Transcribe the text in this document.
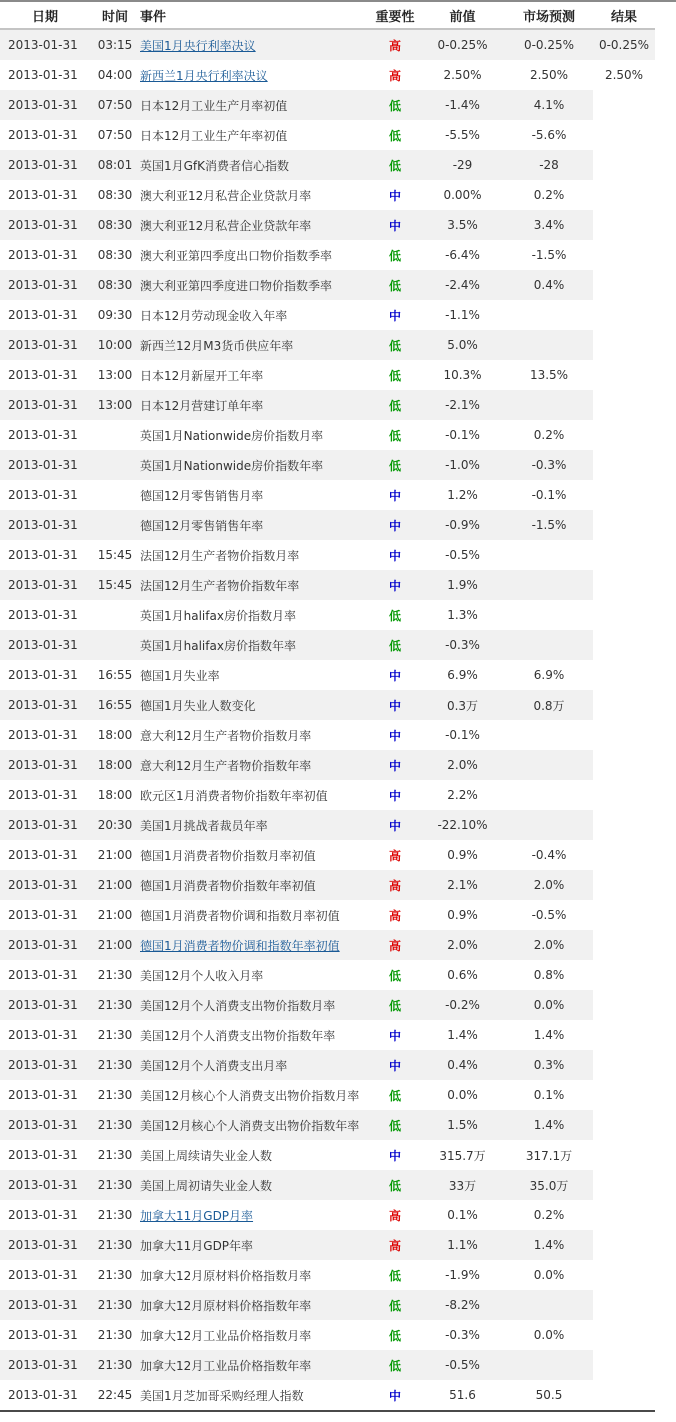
日期	时间	事件	重要性	前值	市场预测	结果
2013-01-31	03:15	美国1月央行利率决议	高	0-0.25%	0-0.25%	0-0.25%
2013-01-31	04:00	新西兰1月央行利率决议	高	2.50%	2.50%	2.50%
2013-01-31	07:50	日本12月工业生产月率初值	低	-1.4%	4.1%	
2013-01-31	07:50	日本12月工业生产年率初值	低	-5.5%	-5.6%	
2013-01-31	08:01	英国1月GfK消费者信心指数	低	-29	-28	
2013-01-31	08:30	澳大利亚12月私营企业贷款月率	中	0.00%	0.2%	
2013-01-31	08:30	澳大利亚12月私营企业贷款年率	中	3.5%	3.4%	
2013-01-31	08:30	澳大利亚第四季度出口物价指数季率	低	-6.4%	-1.5%	
2013-01-31	08:30	澳大利亚第四季度进口物价指数季率	低	-2.4%	0.4%	
2013-01-31	09:30	日本12月劳动现金收入年率	中	-1.1%		
2013-01-31	10:00	新西兰12月M3货币供应年率	低	5.0%		
2013-01-31	13:00	日本12月新屋开工年率	低	10.3%	13.5%	
2013-01-31	13:00	日本12月营建订单年率	低	-2.1%		
2013-01-31		英国1月Nationwide房价指数月率	低	-0.1%	0.2%	
2013-01-31		英国1月Nationwide房价指数年率	低	-1.0%	-0.3%	
2013-01-31		德国12月零售销售月率	中	1.2%	-0.1%	
2013-01-31		德国12月零售销售年率	中	-0.9%	-1.5%	
2013-01-31	15:45	法国12月生产者物价指数月率	中	-0.5%		
2013-01-31	15:45	法国12月生产者物价指数年率	中	1.9%		
2013-01-31		英国1月halifax房价指数月率	低	1.3%		
2013-01-31		英国1月halifax房价指数年率	低	-0.3%		
2013-01-31	16:55	德国1月失业率	中	6.9%	6.9%	
2013-01-31	16:55	德国1月失业人数变化	中	0.3万	0.8万	
2013-01-31	18:00	意大利12月生产者物价指数月率	中	-0.1%		
2013-01-31	18:00	意大利12月生产者物价指数年率	中	2.0%		
2013-01-31	18:00	欧元区1月消费者物价指数年率初值	中	2.2%		
2013-01-31	20:30	美国1月挑战者裁员年率	中	-22.10%		
2013-01-31	21:00	德国1月消费者物价指数月率初值	高	0.9%	-0.4%	
2013-01-31	21:00	德国1月消费者物价指数年率初值	高	2.1%	2.0%	
2013-01-31	21:00	德国1月消费者物价调和指数月率初值	高	0.9%	-0.5%	
2013-01-31	21:00	德国1月消费者物价调和指数年率初值	高	2.0%	2.0%	
2013-01-31	21:30	美国12月个人收入月率	低	0.6%	0.8%	
2013-01-31	21:30	美国12月个人消费支出物价指数月率	低	-0.2%	0.0%	
2013-01-31	21:30	美国12月个人消费支出物价指数年率	中	1.4%	1.4%	
2013-01-31	21:30	美国12月个人消费支出月率	中	0.4%	0.3%	
2013-01-31	21:30	美国12月核心个人消费支出物价指数月率	低	0.0%	0.1%	
2013-01-31	21:30	美国12月核心个人消费支出物价指数年率	低	1.5%	1.4%	
2013-01-31	21:30	美国上周续请失业金人数	中	315.7万	317.1万	
2013-01-31	21:30	美国上周初请失业金人数	低	33万	35.0万	
2013-01-31	21:30	加拿大11月GDP月率	高	0.1%	0.2%	
2013-01-31	21:30	加拿大11月GDP年率	高	1.1%	1.4%	
2013-01-31	21:30	加拿大12月原材料价格指数月率	低	-1.9%	0.0%	
2013-01-31	21:30	加拿大12月原材料价格指数年率	低	-8.2%		
2013-01-31	21:30	加拿大12月工业品价格指数月率	低	-0.3%	0.0%	
2013-01-31	21:30	加拿大12月工业品价格指数年率	低	-0.5%		
2013-01-31	22:45	美国1月芝加哥采购经理人指数	中	51.6	50.5	
